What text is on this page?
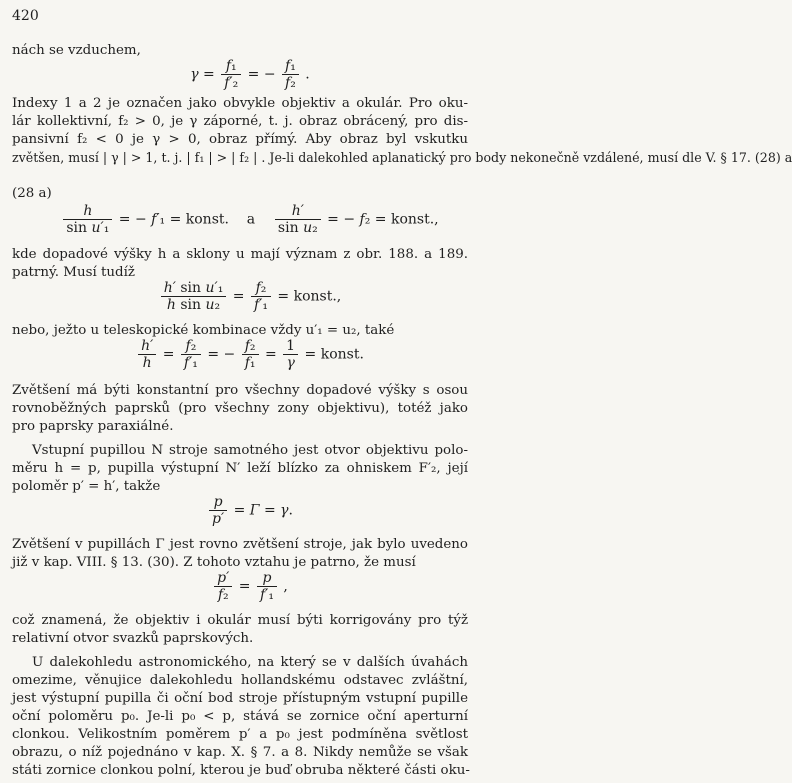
420
nách se vzduchem,
$\gamma = \frac{\text{f₁}}{\text{f′₂}}$ = − $\frac{\text{f₁}}{\text{f₂}}$ .
Indexy 1 a 2 je označen jako obvykle objektiv a okulár. Pro oku-
lár kollektivní, f₂ > 0, je γ záporné, t. j. obraz obrácený, pro dis-
pansivní f₂ < 0 je γ > 0, obraz přímý. Aby obraz byl vskutku
zvětšen, musí | γ | > 1, t. j. | f₁ | > | f₂ | . Je-li dalekohled aplanatický pro body nekonečně vzdálené, musí dle V. § 17. (28) a
(28 a)
$\frac{h}{\text{sin u′₁}}$ = − f′₁ = konst.    a $\frac{h'}{\text{sin u₂}}$ = − f₂ = konst.,
kde dopadové výšky h a sklony u mají význam z obr. 188. a 189.
patrný. Musí tudíž
$\frac{\text{h′ sin u′₁}}{\text{h sin u₂}} = \frac{\text{f₂}}{\text{f′₁}}$ = konst.,
nebo, ježto u teleskopické kombinace vždy u′₁ = u₂, také
$\frac{h'}{h} = \frac{\text{f₂}}{\text{f′₁}}$ = − $\frac{\text{f₂}}{\text{f₁}} = \frac{1}{\gamma}$ = konst.
Zvětšení má býti konstantní pro všechny dopadové výšky s osou
rovnoběžných paprsků (pro všechny zony objektivu), totéž jako
pro paprsky paraxiálné.
Vstupní pupillou N stroje samotného jest otvor objektivu polo-
měru h = p, pupilla výstupní N′ leží blízko za ohniskem F′₂, její
poloměr p′ = h′, takže
$\frac{p}{p'} = \Gamma = \gamma$.
Zvětšení v pupillách Γ jest rovno zvětšení stroje, jak bylo uvedeno
již v kap. VIII. § 13. (30). Z tohoto vztahu je patrno, že musí
$\frac{p'}{\text{f₂}} = \frac{p}{\text{f′₁}}$ ,
což znamená, že objektiv i okulár musí býti korrigovány pro týž
relativní otvor svazků paprskových.
U dalekohledu astronomického, na který se v dalších úvahách
omezime, věnujice dalekohledu hollandskému odstavec zvláštní,
jest výstupní pupilla či oční bod stroje přístupným vstupní pupille
oční poloměru p₀. Je-li p₀ < p, stává se zornice oční aperturní
clonkou. Velikostním poměrem p′ a p₀ jest podmíněna světlost
obrazu, o níž pojednáno v kap. X. § 7. a 8. Nikdy nemůže se však
státi zornice clonkou polní, kterou je buď obruba některé části oku-
